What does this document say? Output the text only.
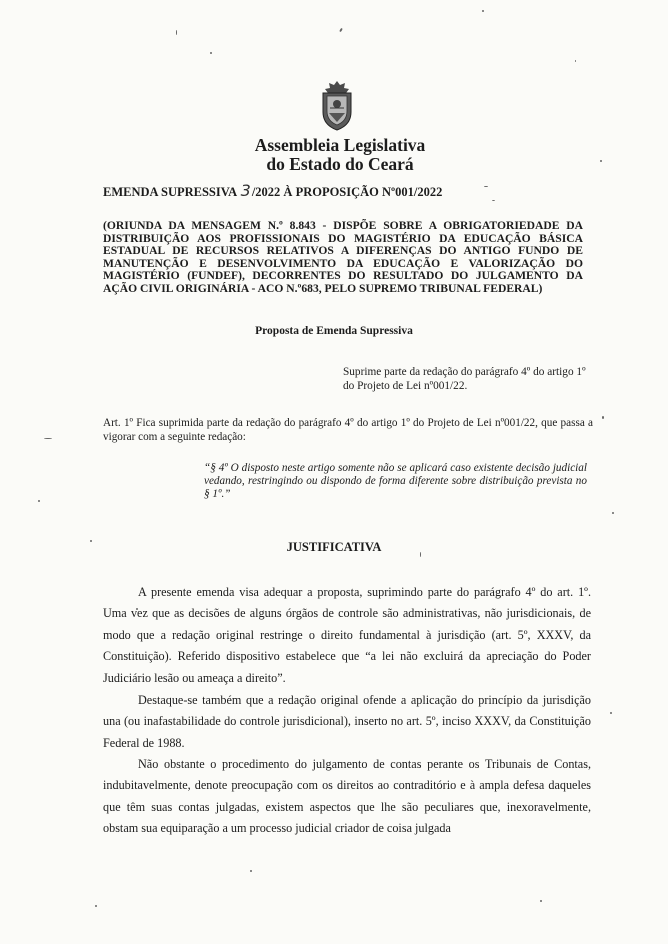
Assembleia Legislativa
do Estado do Ceará
EMENDA SUPRESSIVA 3/2022 À PROPOSIÇÃO Nº001/2022
(ORIUNDA DA MENSAGEM N.º 8.843 - DISPÕE SOBRE A OBRIGATORIEDADE DA DISTRIBUIÇÃO AOS PROFISSIONAIS DO MAGISTÉRIO DA EDUCAÇÃO BÁSICA ESTADUAL DE RECURSOS RELATIVOS A DIFERENÇAS DO ANTIGO FUNDO DE MANUTENÇÃO E DESENVOLVIMENTO DA EDUCAÇÃO E VALORIZAÇÃO DO MAGISTÉRIO (FUNDEF), DECORRENTES DO RESULTADO DO JULGAMENTO DA AÇÃO CIVIL ORIGINÁRIA - ACO N.º683, PELO SUPREMO TRIBUNAL FEDERAL)
Proposta de Emenda Supressiva
Suprime parte da redação do parágrafo 4º do artigo 1º do Projeto de Lei nº001/22.
Art. 1º Fica suprimida parte da redação do parágrafo 4º do artigo 1º do Projeto de Lei nº001/22, que passa a vigorar com a seguinte redação:
“§ 4º O disposto neste artigo somente não se aplicará caso existente decisão judicial vedando, restringindo ou dispondo de forma diferente sobre distribuição prevista no § 1º.”
JUSTIFICATIVA

A presente emenda visa adequar a proposta, suprimindo parte do parágrafo 4º do art. 1º. Uma vez que as decisões de alguns órgãos de controle são administrativas, não jurisdicionais, de modo que a redação original restringe o direito fundamental à jurisdição (art. 5º, XXXV, da Constituição). Referido dispositivo estabelece que “a lei não excluirá da apreciação do Poder Judiciário lesão ou ameaça a direito”.

Destaque-se também que a redação original ofende a aplicação do princípio da jurisdição una (ou inafastabilidade do controle jurisdicional), inserto no art. 5º, inciso XXXV, da Constituição Federal de 1988.

Não obstante o procedimento do julgamento de contas perante os Tribunais de Contas, indubitavelmente, denote preocupação com os direitos ao contraditório e à ampla defesa daqueles que têm suas contas julgadas, existem aspectos que lhe são peculiares que, inexoravelmente, obstam sua equiparação a um processo judicial criador de coisa julgada
